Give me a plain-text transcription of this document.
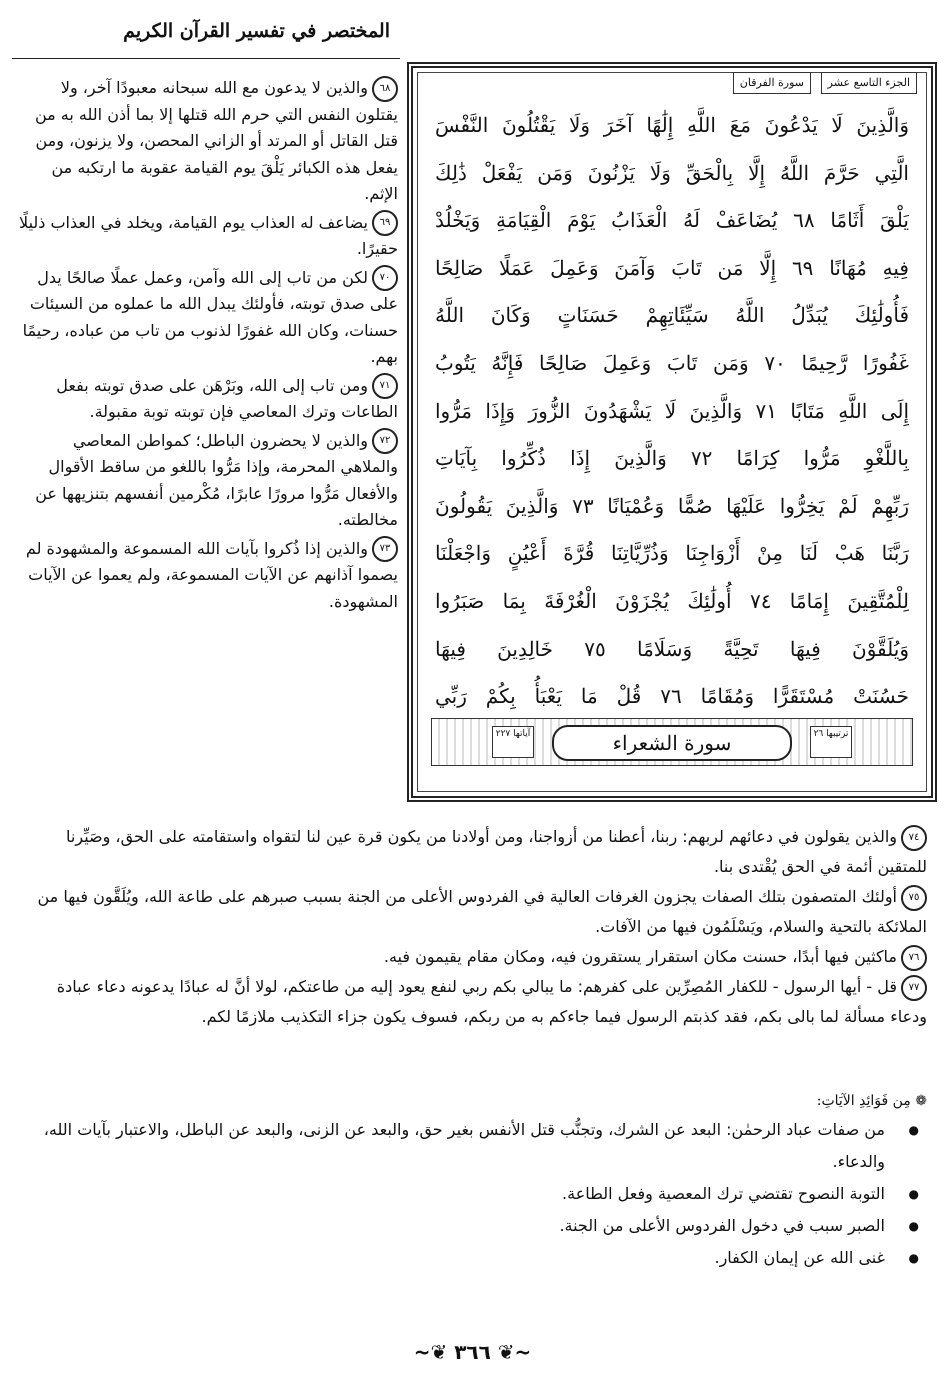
المختصر في تفسير القرآن الكريم
الجزء التاسع عشر
سورة الفرقان
وَالَّذِينَ لَا يَدْعُونَ مَعَ اللَّهِ إِلَٰهًا آخَرَ وَلَا يَقْتُلُونَ النَّفْسَ
الَّتِي حَرَّمَ اللَّهُ إِلَّا بِالْحَقِّ وَلَا يَزْنُونَ وَمَن يَفْعَلْ ذَٰلِكَ
يَلْقَ أَثَامًا ٦٨ يُضَاعَفْ لَهُ الْعَذَابُ يَوْمَ الْقِيَامَةِ وَيَخْلُدْ
فِيهِ مُهَانًا ٦٩ إِلَّا مَن تَابَ وَآمَنَ وَعَمِلَ عَمَلًا صَالِحًا
فَأُولَٰئِكَ يُبَدِّلُ اللَّهُ سَيِّئَاتِهِمْ حَسَنَاتٍ وَكَانَ اللَّهُ
غَفُورًا رَّحِيمًا ٧٠ وَمَن تَابَ وَعَمِلَ صَالِحًا فَإِنَّهُ يَتُوبُ
إِلَى اللَّهِ مَتَابًا ٧١ وَالَّذِينَ لَا يَشْهَدُونَ الزُّورَ وَإِذَا مَرُّوا
بِاللَّغْوِ مَرُّوا كِرَامًا ٧٢ وَالَّذِينَ إِذَا ذُكِّرُوا بِآيَاتِ
رَبِّهِمْ لَمْ يَخِرُّوا عَلَيْهَا صُمًّا وَعُمْيَانًا ٧٣ وَالَّذِينَ يَقُولُونَ
رَبَّنَا هَبْ لَنَا مِنْ أَزْوَاجِنَا وَذُرِّيَّاتِنَا قُرَّةَ أَعْيُنٍ وَاجْعَلْنَا
لِلْمُتَّقِينَ إِمَامًا ٧٤ أُولَٰئِكَ يُجْزَوْنَ الْغُرْفَةَ بِمَا صَبَرُوا
وَيُلَقَّوْنَ فِيهَا تَحِيَّةً وَسَلَامًا ٧٥ خَالِدِينَ فِيهَا
حَسُنَتْ مُسْتَقَرًّا وَمُقَامًا ٧٦ قُلْ مَا يَعْبَأُ بِكُمْ رَبِّي
ترتيبها ٢٦
سورة الشعراء
آياتها ٢٢٧

٦٨والذين لا يدعون مع الله سبحانه معبودًا آخر، ولا يقتلون النفس التي حرم الله قتلها إلا بما أذن الله به من قتل القاتل أو المرتد أو الزاني المحصن، ولا يزنون، ومن يفعل هذه الكبائر يَلْقَ يوم القيامة عقوبة ما ارتكبه من الإثم.

٦٩يضاعف له العذاب يوم القيامة، ويخلد في العذاب ذليلًا حقيرًا.

٧٠لكن من تاب إلى الله وآمن، وعمل عملًا صالحًا يدل على صدق توبته، فأولئك يبدل الله ما عملوه من السيئات حسنات، وكان الله غفورًا لذنوب من تاب من عباده، رحيمًا بهم.

٧١ومن تاب إلى الله، وبَرْهَن على صدق توبته بفعل الطاعات وترك المعاصي فإن توبته توبة مقبولة.

٧٢والذين لا يحضرون الباطل؛ كمواطن المعاصي والملاهي المحرمة، وإذا مَرُّوا باللغو من ساقط الأقوال والأفعال مَرُّوا مرورًا عابرًا، مُكْرمين أنفسهم بتنزيهها عن مخالطته.

٧٣والذين إذا ذُكروا بآيات الله المسموعة والمشهودة لم يصموا آذانهم عن الآيات المسموعة، ولم يعموا عن الآيات المشهودة.

٧٤والذين يقولون في دعائهم لربهم: ربنا، أعطنا من أزواجنا، ومن أولادنا من يكون قرة عين لنا لتقواه واستقامته على الحق، وصَيِّرنا للمتقين أئمة في الحق يُقْتدى بنا.

٧٥أولئك المتصفون بتلك الصفات يجزون الغرفات العالية في الفردوس الأعلى من الجنة بسبب صبرهم على طاعة الله، ويُلَقَّون فيها من الملائكة بالتحية والسلام، ويَسْلَمُون فيها من الآفات.

٧٦ماكثين فيها أبدًا، حسنت مكان استقرار يستقرون فيه، ومكان مقام يقيمون فيه.

٧٧قل - أيها الرسول - للكفار المُصِرِّين على كفرهم: ما يبالي بكم ربي لنفع يعود إليه من طاعتكم، لولا أنَّ له عبادًا يدعونه دعاء عبادة ودعاء مسألة لما بالى بكم، فقد كذبتم الرسول فيما جاءكم به من ربكم، فسوف يكون جزاء التكذيب ملازمًا لكم.

❁ مِن فَوَائِدِ الآيَاتِ:
● من صفات عباد الرحمٰن: البعد عن الشرك، وتجنُّب قتل الأنفس بغير حق، والبعد عن الزنى، والبعد عن الباطل، والاعتبار بآيات الله، والدعاء.
● التوبة النصوح تقتضي ترك المعصية وفعل الطاعة.
● الصبر سبب في دخول الفردوس الأعلى من الجنة.
● غنى الله عن إيمان الكفار.
~❦ ٣٦٦ ❦~
